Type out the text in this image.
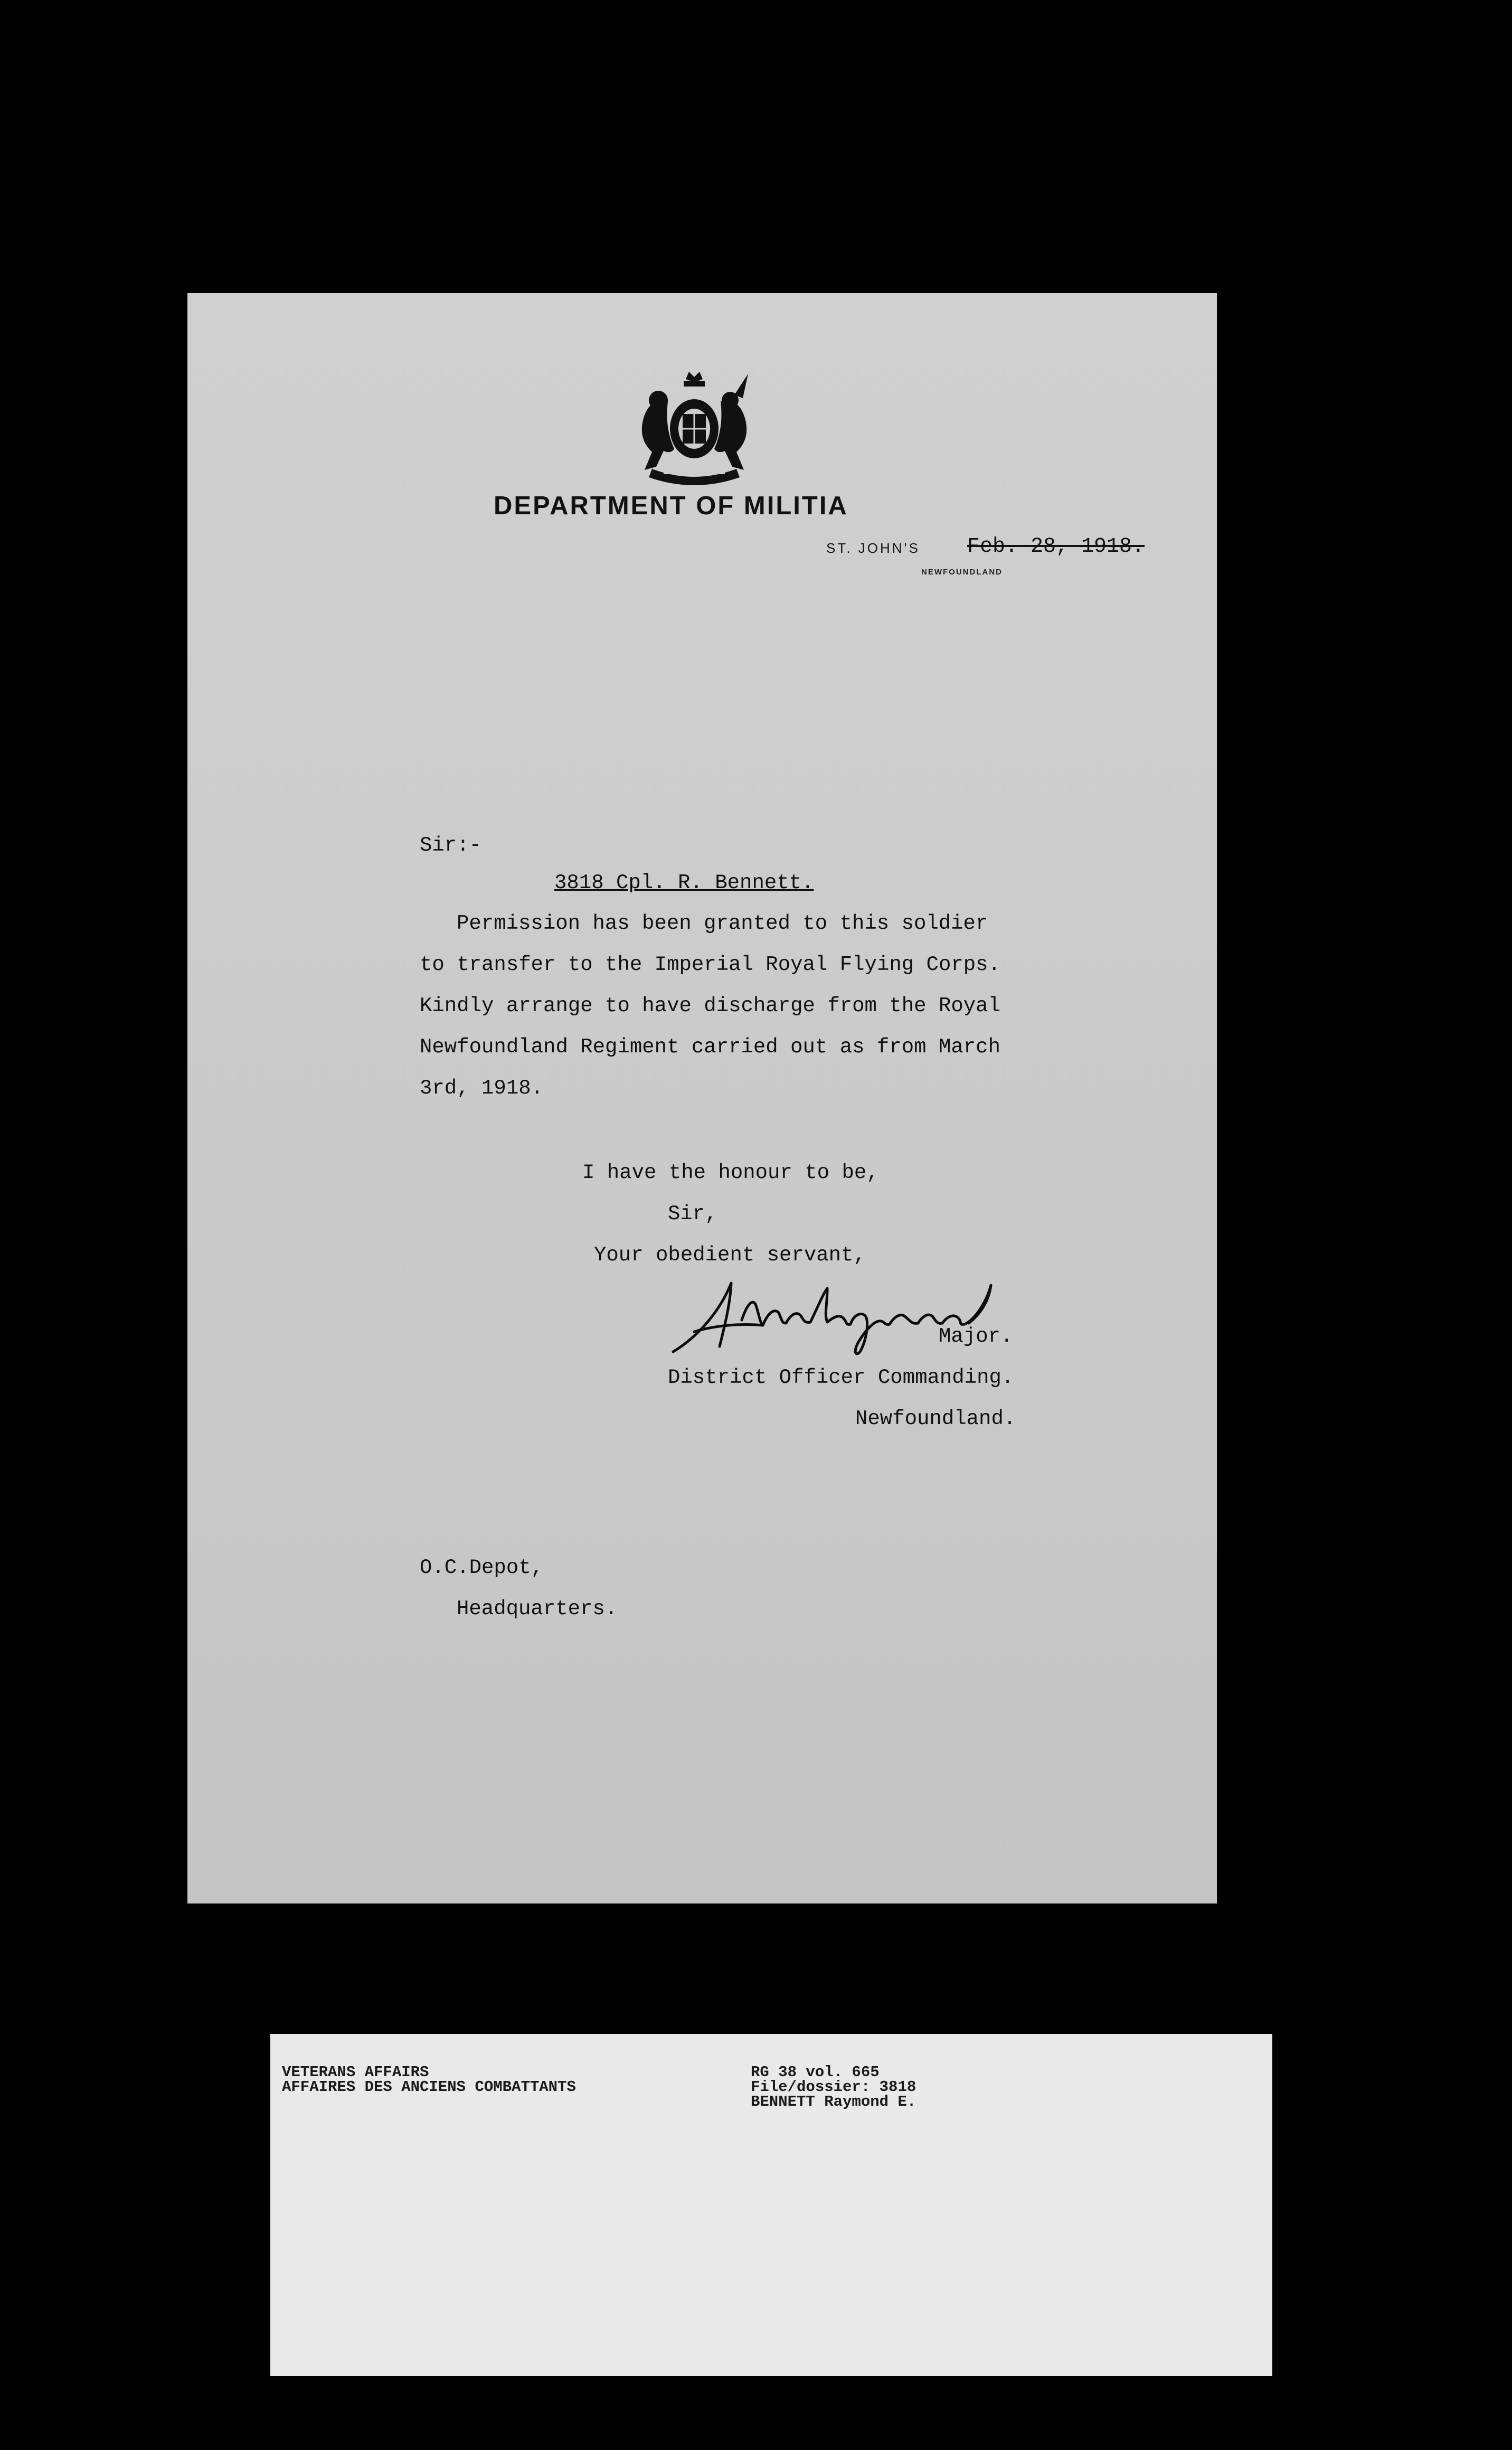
DEPARTMENT OF MILITIA
ST. JOHN'S Feb. 28, 1918.
NEWFOUNDLAND
Sir:-
3818 Cpl. R. Bennett.
Permission has been granted to this soldier
to transfer to the Imperial Royal Flying Corps.
Kindly arrange to have discharge from the Royal
Newfoundland Regiment carried out as from March
3rd, 1918.
I have the honour to be,
Sir,
Your obedient servant,
Major.
District Officer Commanding.
Newfoundland.
O.C.Depot,
Headquarters.
VETERANS AFFAIRS
AFFAIRES DES ANCIENS COMBATTANTS
RG 38 vol. 665
File/dossier: 3818
BENNETT Raymond E.
